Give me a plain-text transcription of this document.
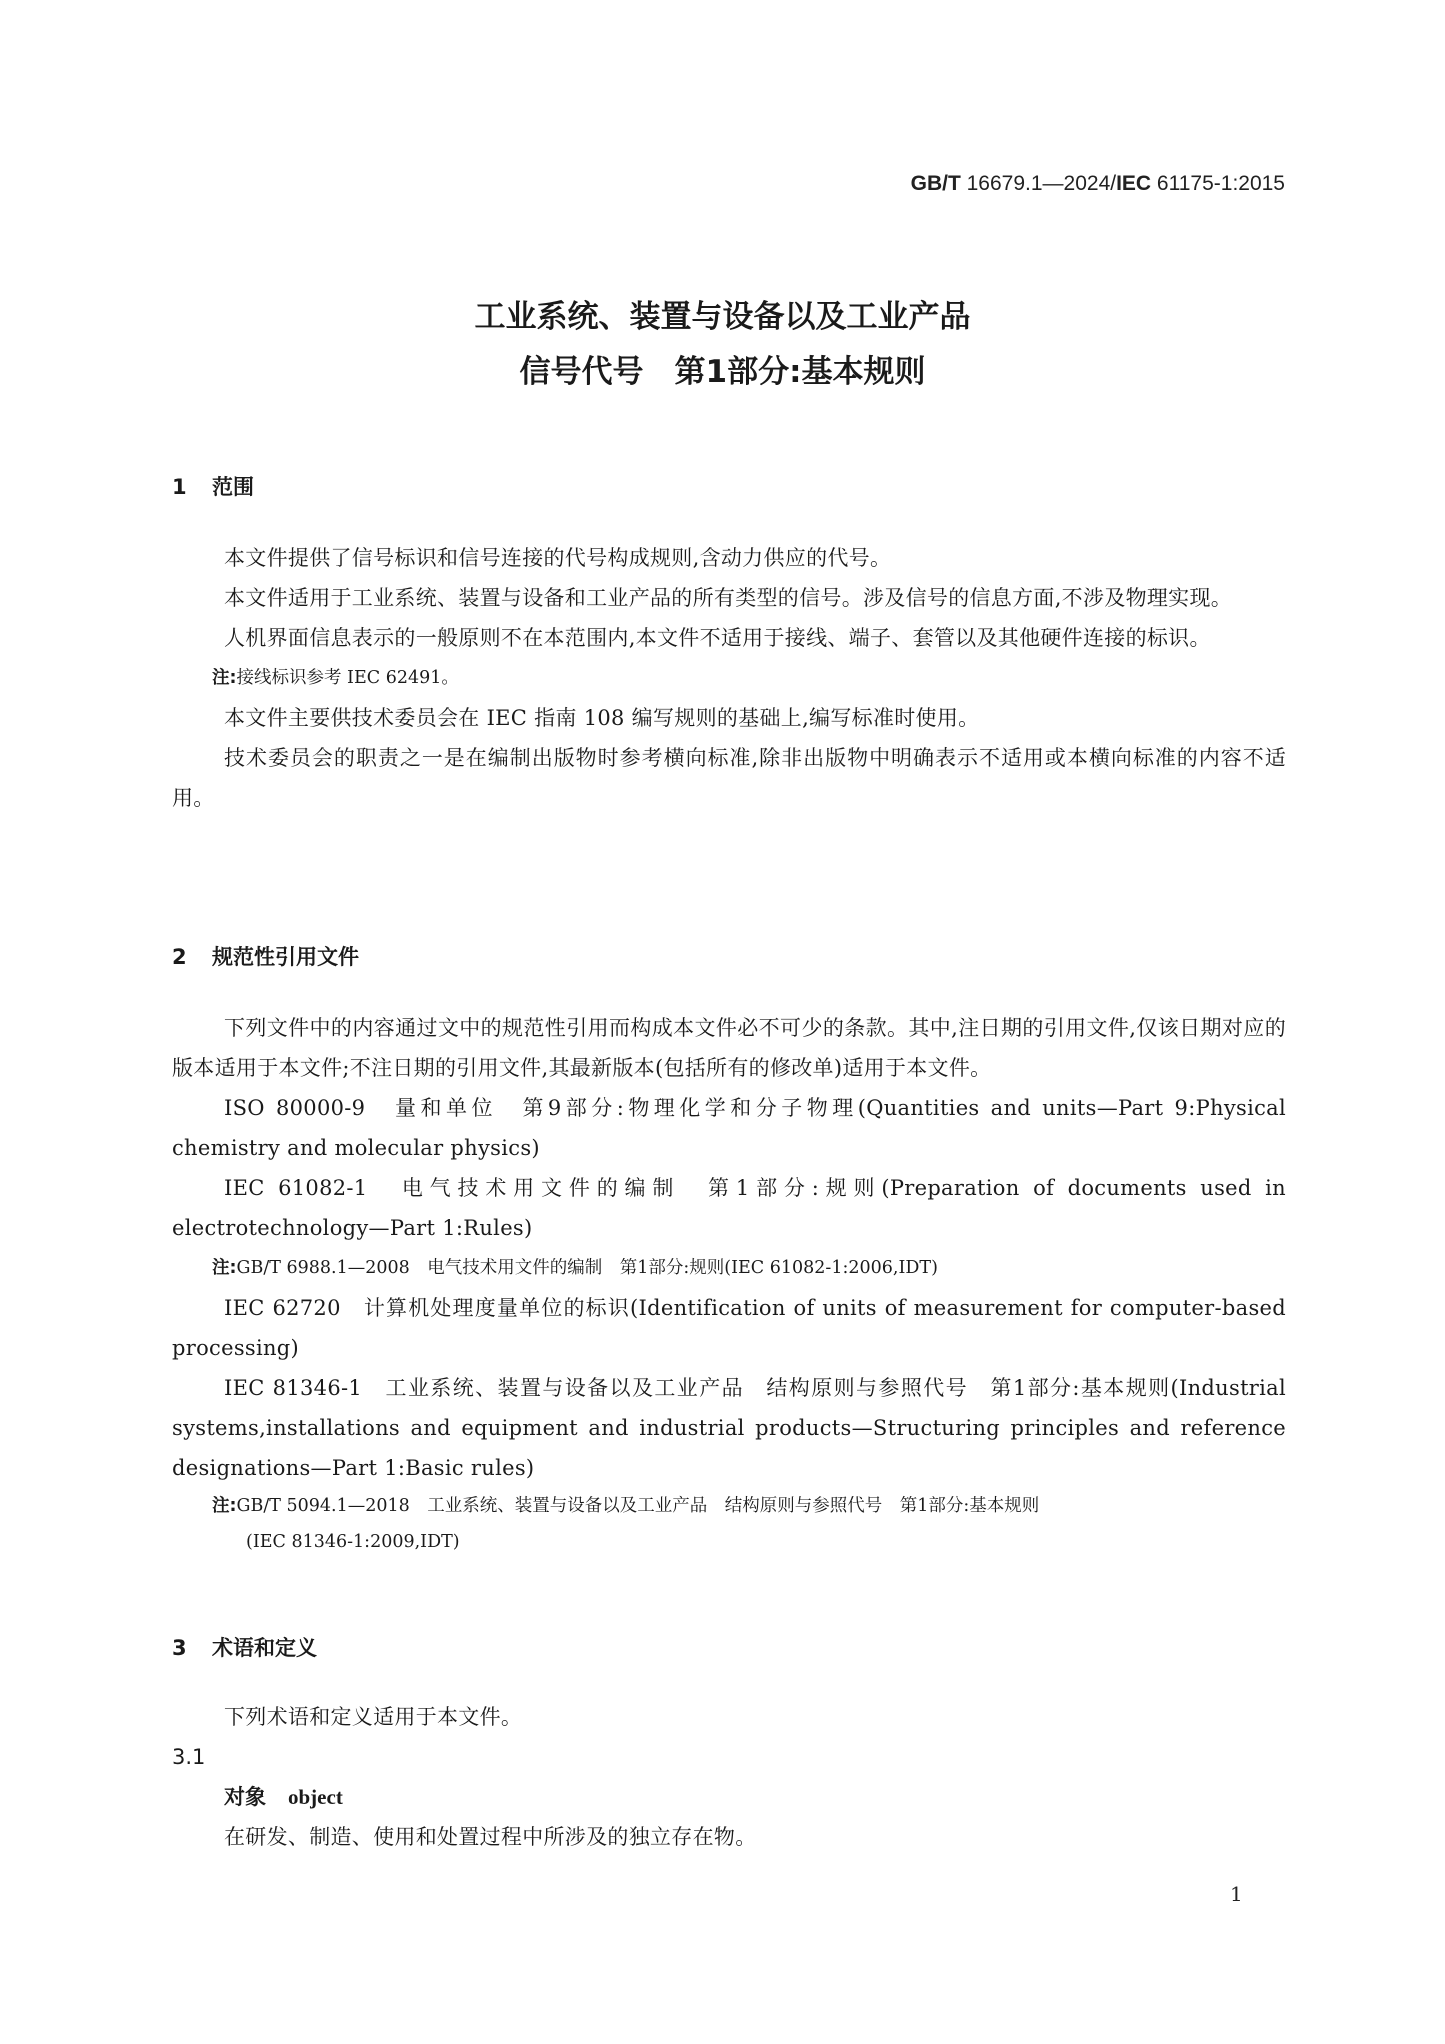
GB/T 16679.1—2024/IEC 61175-1:2015
工业系统、装置与设备以及工业产品
信号代号　第1部分:基本规则
1 范围

本文件提供了信号标识和信号连接的代号构成规则,含动力供应的代号。

本文件适用于工业系统、装置与设备和工业产品的所有类型的信号。涉及信号的信息方面,不涉及物理实现。

人机界面信息表示的一般原则不在本范围内,本文件不适用于接线、端子、套管以及其他硬件连接的标识。

注:接线标识参考 IEC 62491。

本文件主要供技术委员会在 IEC 指南 108 编写规则的基础上,编写标准时使用。

技术委员会的职责之一是在编制出版物时参考横向标准,除非出版物中明确表示不适用或本横向标准的内容不适用。

2 规范性引用文件

下列文件中的内容通过文中的规范性引用而构成本文件必不可少的条款。其中,注日期的引用文件,仅该日期对应的版本适用于本文件;不注日期的引用文件,其最新版本(包括所有的修改单)适用于本文件。

ISO 80000-9　量和单位　第9部分:物理化学和分子物理(Quantities and units—Part 9:Physical chemistry and molecular physics)

IEC 61082-1　电气技术用文件的编制　第1部分:规则(Preparation of documents used in electrotechnology—Part 1:Rules)

注:GB/T 6988.1—2008　电气技术用文件的编制　第1部分:规则(IEC 61082-1:2006,IDT)

IEC 62720　计算机处理度量单位的标识(Identification of units of measurement for computer-based processing)

IEC 81346-1　工业系统、装置与设备以及工业产品　结构原则与参照代号　第1部分:基本规则(Industrial systems,installations and equipment and industrial products—Structuring principles and reference designations—Part 1:Basic rules)

注:GB/T 5094.1—2018　工业系统、装置与设备以及工业产品　结构原则与参照代号　第1部分:基本规则
(IEC 81346-1:2009,IDT)

3 术语和定义

下列术语和定义适用于本文件。

3.1

对象 object

在研发、制造、使用和处置过程中所涉及的独立存在物。

1
